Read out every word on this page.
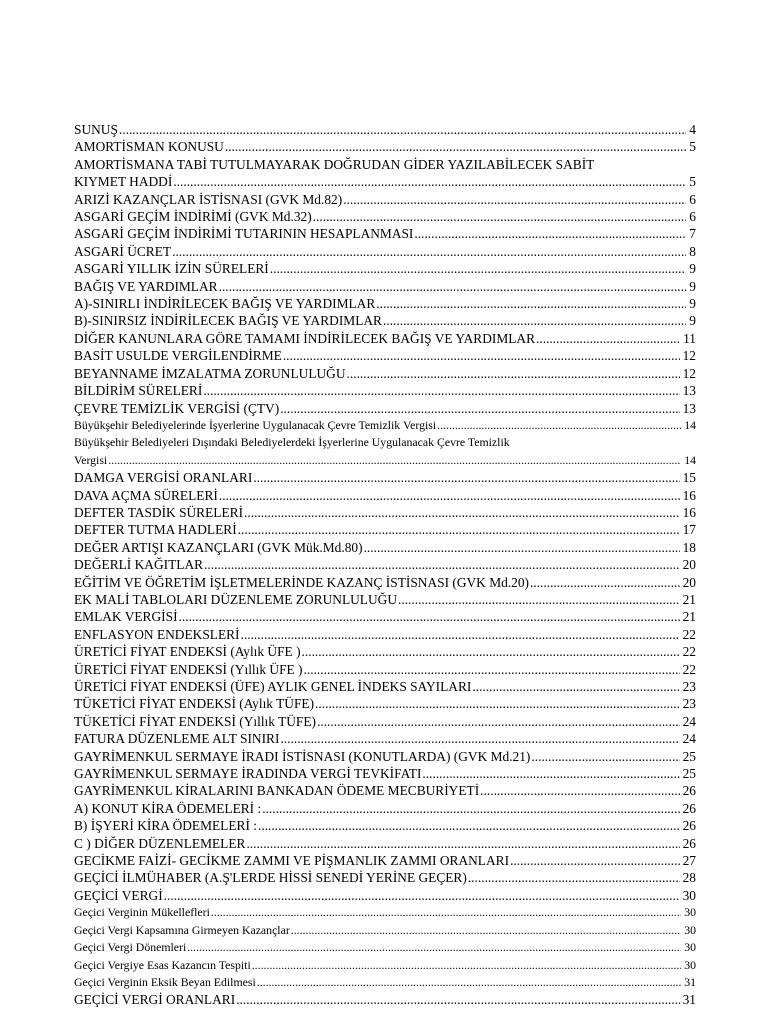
SUNUŞ .....	4
AMORTİSMAN KONUSU .....	5
AMORTİSMANA TABİ TUTULMAYARAK DOĞRUDAN GİDER YAZILABİLECEK SABİT
KIYMET HADDİ .....	5
ARIZİ KAZANÇLAR İSTİSNASI (GVK Md.82) .....	6
ASGARİ GEÇİM İNDİRİMİ (GVK Md.32) .....	6
ASGARİ GEÇİM İNDİRİMİ TUTARININ HESAPLANMASI .....	7
ASGARİ ÜCRET .....	8
ASGARİ YILLIK İZİN SÜRELERİ .....	9
BAĞIŞ VE YARDIMLAR .....	9
A)-SINIRLI İNDİRİLECEK BAĞIŞ VE YARDIMLAR .....	9
B)-SINIRSIZ İNDİRİLECEK BAĞIŞ VE YARDIMLAR .....	9
DİĞER KANUNLARA GÖRE TAMAMI İNDİRİLECEK BAĞIŞ VE YARDIMLAR .....	11
BASİT USULDE VERGİLENDİRME .....	12
BEYANNAME İMZALATMA ZORUNLULUĞU .....	12
BİLDİRİM SÜRELERİ .....	13
ÇEVRE TEMİZLİK VERGİSİ (ÇTV) .....	13
Büyükşehir Belediyelerinde İşyerlerine Uygulanacak Çevre Temizlik Vergisi .....	14
Büyükşehir Belediyeleri Dışındaki Belediyelerdeki İşyerlerine Uygulanacak Çevre Temizlik
Vergisi .....	14
DAMGA VERGİSİ ORANLARI .....	15
DAVA AÇMA SÜRELERİ .....	16
DEFTER TASDİK SÜRELERİ .....	16
DEFTER TUTMA HADLERİ .....	17
DEĞER ARTIŞI KAZANÇLARI (GVK Mük.Md.80) .....	18
DEĞERLİ KAĞITLAR .....	20
EĞİTİM VE ÖĞRETİM İŞLETMELERİNDE KAZANÇ İSTİSNASI (GVK Md.20) .....	20
EK MALİ TABLOLARI DÜZENLEME ZORUNLULUĞU .....	21
EMLAK VERGİSİ .....	21
ENFLASYON ENDEKSLERİ .....	22
ÜRETİCİ FİYAT ENDEKSİ (Aylık ÜFE ) .....	22
ÜRETİCİ FİYAT ENDEKSİ (Yıllık ÜFE ) .....	22
ÜRETİCİ FİYAT ENDEKSİ (ÜFE) AYLIK GENEL İNDEKS SAYILARI .....	23
TÜKETİCİ FİYAT ENDEKSİ (Aylık TÜFE) .....	23
TÜKETİCİ FİYAT ENDEKSİ (Yıllık TÜFE) .....	24
FATURA DÜZENLEME ALT SINIRI .....	24
GAYRİMENKUL SERMAYE İRADI İSTİSNASI (KONUTLARDA) (GVK Md.21) .....	25
GAYRİMENKUL SERMAYE İRADINDA VERGİ TEVKİFATI .....	25
GAYRİMENKUL KİRALARINI BANKADAN ÖDEME MECBURİYETİ .....	26
A) KONUT KİRA ÖDEMELERİ : .....	26
B) İŞYERİ KİRA ÖDEMELERİ : .....	26
C ) DİĞER DÜZENLEMELER .....	26
GECİKME FAİZİ- GECİKME ZAMMI VE PİŞMANLIK ZAMMI ORANLARI .....	27
GEÇİCİ İLMÜHABER (A.Ş'LERDE HİSSİ SENEDİ YERİNE GEÇER) .....	28
GEÇİCİ VERGİ .....	30
Geçici Verginin Mükellefleri .....	30
Geçici Vergi Kapsamına Girmeyen Kazançlar .....	30
Geçici Vergi Dönemleri .....	30
Geçici Vergiye Esas Kazancın Tespiti .....	30
Geçici Verginin Eksik Beyan Edilmesi .....	31
GEÇİCİ VERGİ ORANLARI .....	31
